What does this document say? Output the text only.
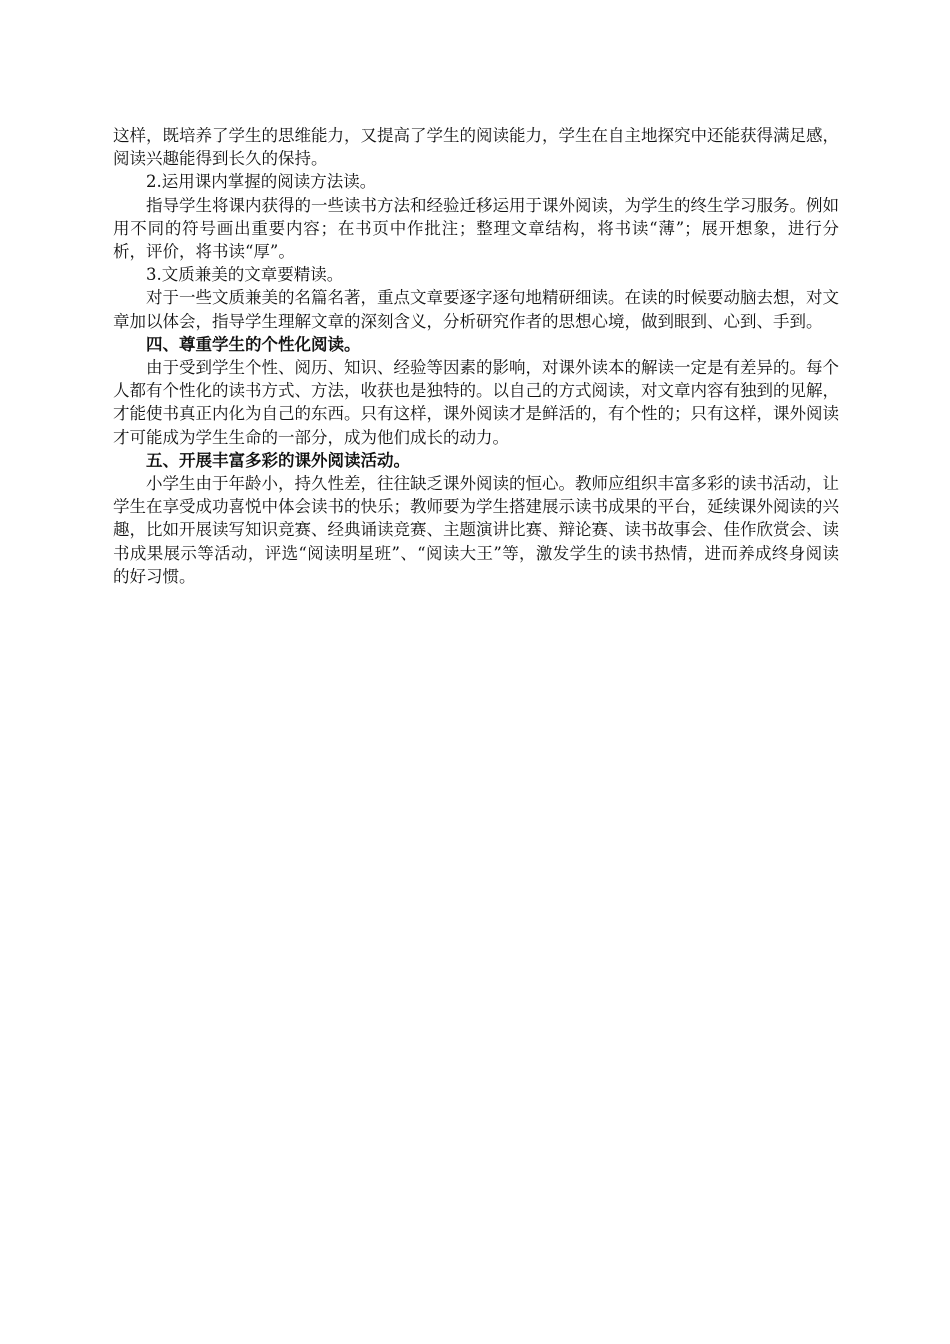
这样，既培养了学生的思维能力，又提高了学生的阅读能力，学生在自主地探究中还能获得满足感，阅读兴趣能得到长久的保持。

2.运用课内掌握的阅读方法读。

指导学生将课内获得的一些读书方法和经验迁移运用于课外阅读，为学生的终生学习服务。例如用不同的符号画出重要内容；在书页中作批注；整理文章结构，将书读“薄”；展开想象，进行分析，评价，将书读“厚”。

3.文质兼美的文章要精读。

对于一些文质兼美的名篇名著，重点文章要逐字逐句地精研细读。在读的时候要动脑去想，对文章加以体会，指导学生理解文章的深刻含义，分析研究作者的思想心境，做到眼到、心到、手到。

四、尊重学生的个性化阅读。

由于受到学生个性、阅历、知识、经验等因素的影响，对课外读本的解读一定是有差异的。每个人都有个性化的读书方式、方法，收获也是独特的。以自己的方式阅读，对文章内容有独到的见解，才能使书真正内化为自己的东西。只有这样，课外阅读才是鲜活的，有个性的；只有这样，课外阅读才可能成为学生生命的一部分，成为他们成长的动力。

五、开展丰富多彩的课外阅读活动。

小学生由于年龄小，持久性差，往往缺乏课外阅读的恒心。教师应组织丰富多彩的读书活动，让学生在享受成功喜悦中体会读书的快乐；教师要为学生搭建展示读书成果的平台，延续课外阅读的兴趣，比如开展读写知识竞赛、经典诵读竞赛、主题演讲比赛、辩论赛、读书故事会、佳作欣赏会、读书成果展示等活动，评选“阅读明星班”、“阅读大王”等，激发学生的读书热情，进而养成终身阅读的好习惯。
